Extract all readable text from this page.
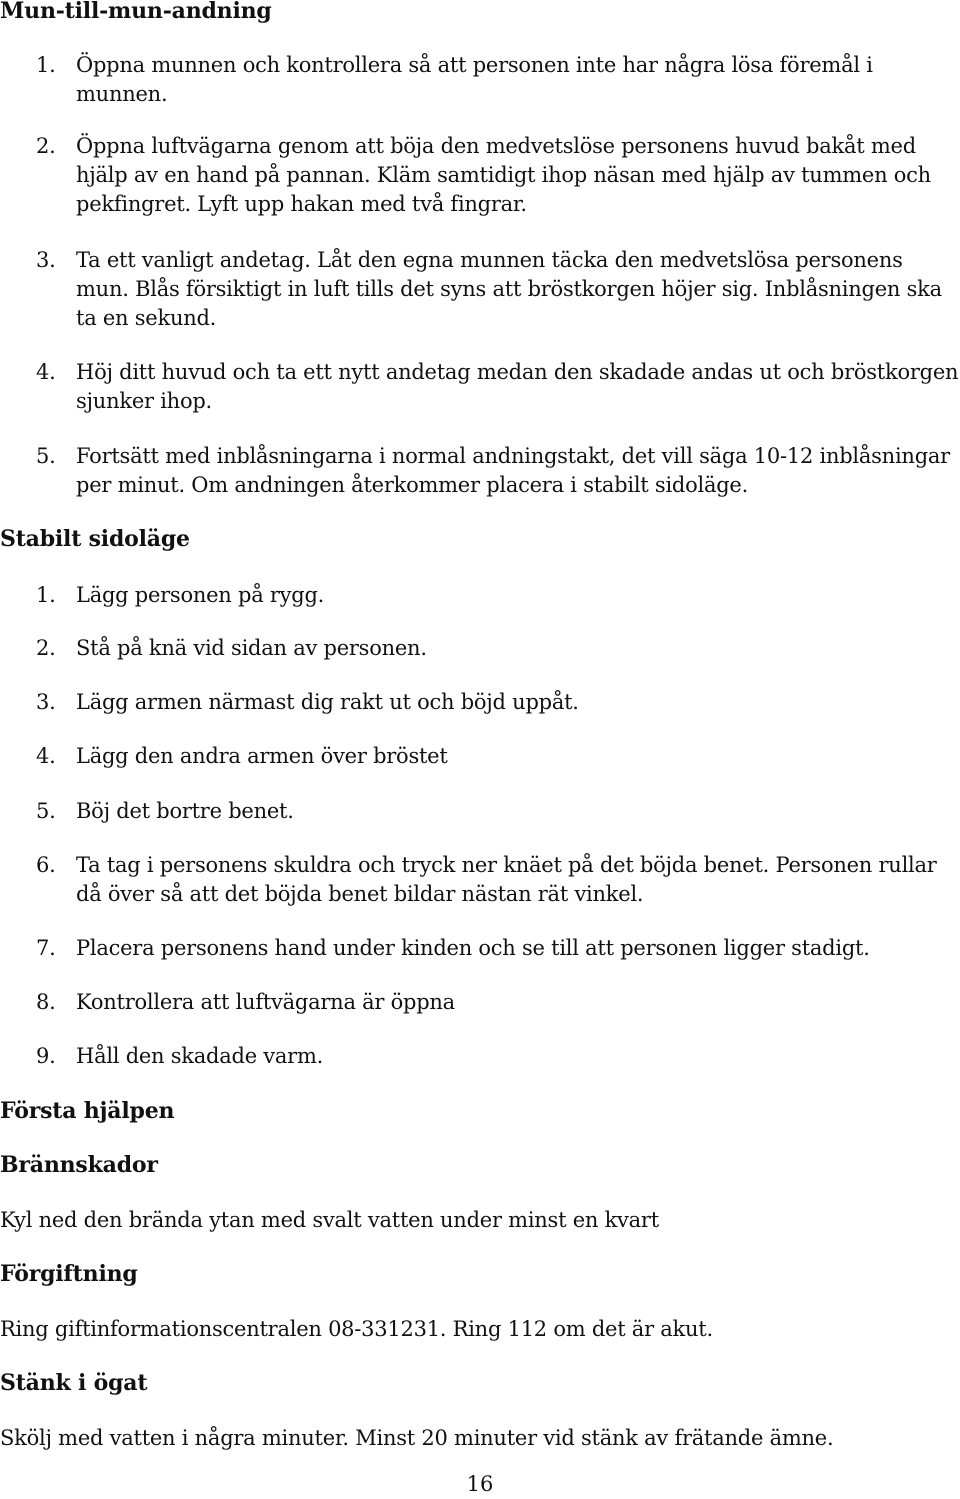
Mun-till-mun-andning
1. Öppna munnen och kontrollera så att personen inte har några lösa föremål i munnen.
2. Öppna luftvägarna genom att böja den medvetslöse personens huvud bakåt med hjälp av en hand på pannan. Kläm samtidigt ihop näsan med hjälp av tummen och pekfingret. Lyft upp hakan med två fingrar.
3. Ta ett vanligt andetag. Låt den egna munnen täcka den medvetslösa personens mun. Blås försiktigt in luft tills det syns att bröstkorgen höjer sig. Inblåsningen ska ta en sekund.
4. Höj ditt huvud och ta ett nytt andetag medan den skadade andas ut och bröstkorgen sjunker ihop.
5. Fortsätt med inblåsningarna i normal andningstakt, det vill säga 10-12 inblåsningar per minut. Om andningen återkommer placera i stabilt sidoläge.
Stabilt sidoläge
1. Lägg personen på rygg.
2. Stå på knä vid sidan av personen.
3. Lägg armen närmast dig rakt ut och böjd uppåt.
4. Lägg den andra armen över bröstet
5. Böj det bortre benet.
6. Ta tag i personens skuldra och tryck ner knäet på det böjda benet. Personen rullar då över så att det böjda benet bildar nästan rät vinkel.
7. Placera personens hand under kinden och se till att personen ligger stadigt.
8. Kontrollera att luftvägarna är öppna
9. Håll den skadade varm.
Första hjälpen
Brännskador
Kyl ned den brända ytan med svalt vatten under minst en kvart
Förgiftning
Ring giftinformationscentralen 08-331231. Ring 112 om det är akut.
Stänk i ögat
Skölj med vatten i några minuter. Minst 20 minuter vid stänk av frätande ämne.
16
